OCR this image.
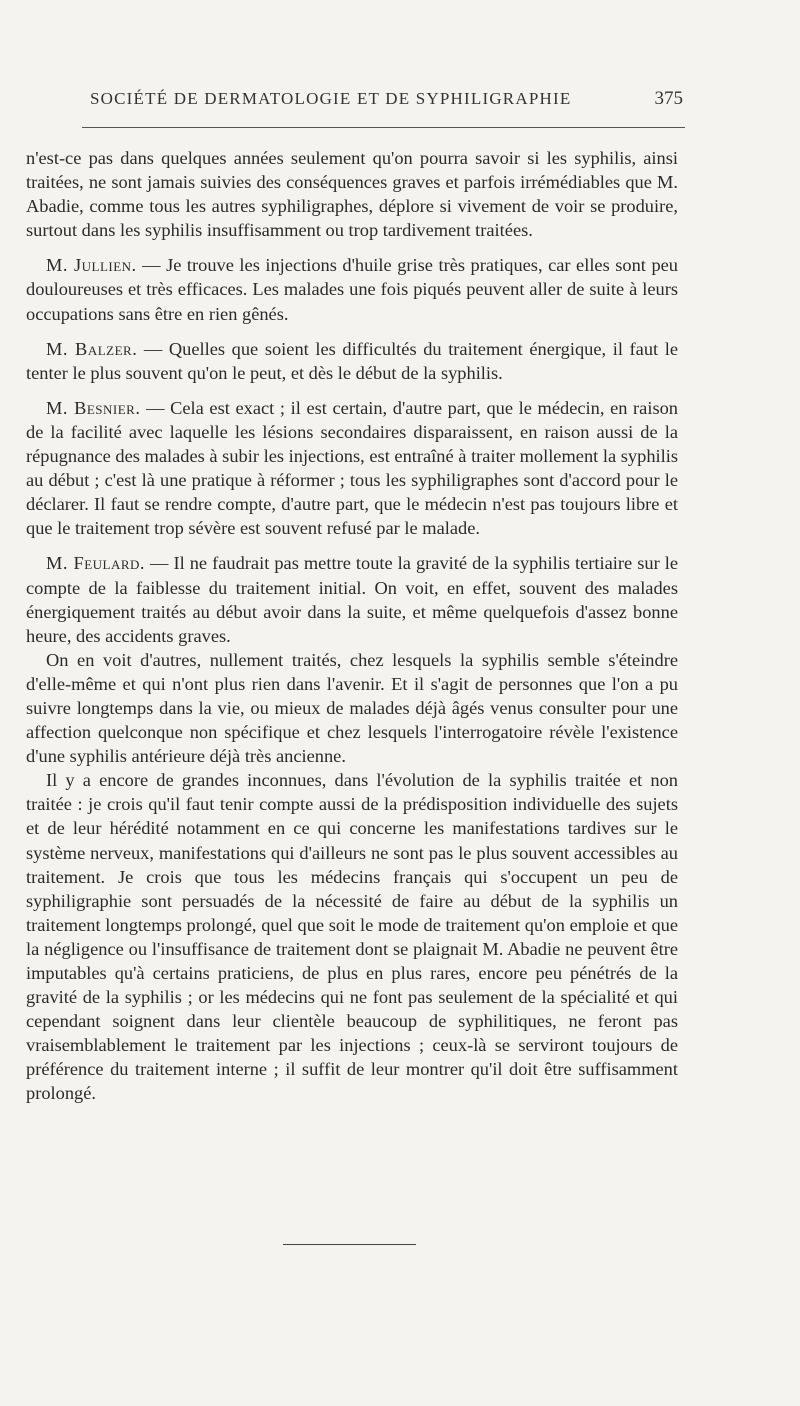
SOCIÉTÉ DE DERMATOLOGIE ET DE SYPHILIGRAPHIE	375

n'est-ce pas dans quelques années seulement qu'on pourra savoir si les syphilis, ainsi traitées, ne sont jamais suivies des conséquences graves et parfois irrémédiables que M. Abadie, comme tous les autres syphiligraphes, déplore si vivement de voir se produire, surtout dans les syphilis insuffisamment ou trop tardivement traitées.

M. Jullien. — Je trouve les injections d'huile grise très pratiques, car elles sont peu douloureuses et très efficaces. Les malades une fois piqués peuvent aller de suite à leurs occupations sans être en rien gênés.

M. Balzer. — Quelles que soient les difficultés du traitement énergique, il faut le tenter le plus souvent qu'on le peut, et dès le début de la syphilis.

M. Besnier. — Cela est exact ; il est certain, d'autre part, que le médecin, en raison de la facilité avec laquelle les lésions secondaires disparaissent, en raison aussi de la répugnance des malades à subir les injections, est entraîné à traiter mollement la syphilis au début ; c'est là une pratique à réformer ; tous les syphiligraphes sont d'accord pour le déclarer. Il faut se rendre compte, d'autre part, que le médecin n'est pas toujours libre et que le traitement trop sévère est souvent refusé par le malade.

M. Feulard. — Il ne faudrait pas mettre toute la gravité de la syphilis tertiaire sur le compte de la faiblesse du traitement initial. On voit, en effet, souvent des malades énergiquement traités au début avoir dans la suite, et même quelquefois d'assez bonne heure, des accidents graves.

On en voit d'autres, nullement traités, chez lesquels la syphilis semble s'éteindre d'elle-même et qui n'ont plus rien dans l'avenir. Et il s'agit de personnes que l'on a pu suivre longtemps dans la vie, ou mieux de malades déjà âgés venus consulter pour une affection quelconque non spécifique et chez lesquels l'interrogatoire révèle l'existence d'une syphilis antérieure déjà très ancienne.

Il y a encore de grandes inconnues, dans l'évolution de la syphilis traitée et non traitée : je crois qu'il faut tenir compte aussi de la prédisposition individuelle des sujets et de leur hérédité notamment en ce qui concerne les manifestations tardives sur le système nerveux, manifestations qui d'ailleurs ne sont pas le plus souvent accessibles au traitement. Je crois que tous les médecins français qui s'occupent un peu de syphiligraphie sont persuadés de la nécessité de faire au début de la syphilis un traitement longtemps prolongé, quel que soit le mode de traitement qu'on emploie et que la négligence ou l'insuffisance de traitement dont se plaignait M. Abadie ne peuvent être imputables qu'à certains praticiens, de plus en plus rares, encore peu pénétrés de la gravité de la syphilis ; or les médecins qui ne font pas seulement de la spécialité et qui cependant soignent dans leur clientèle beaucoup de syphilitiques, ne feront pas vraisemblablement le traitement par les injections ; ceux-là se serviront toujours de préférence du traitement interne ; il suffit de leur montrer qu'il doit être suffisamment prolongé.
